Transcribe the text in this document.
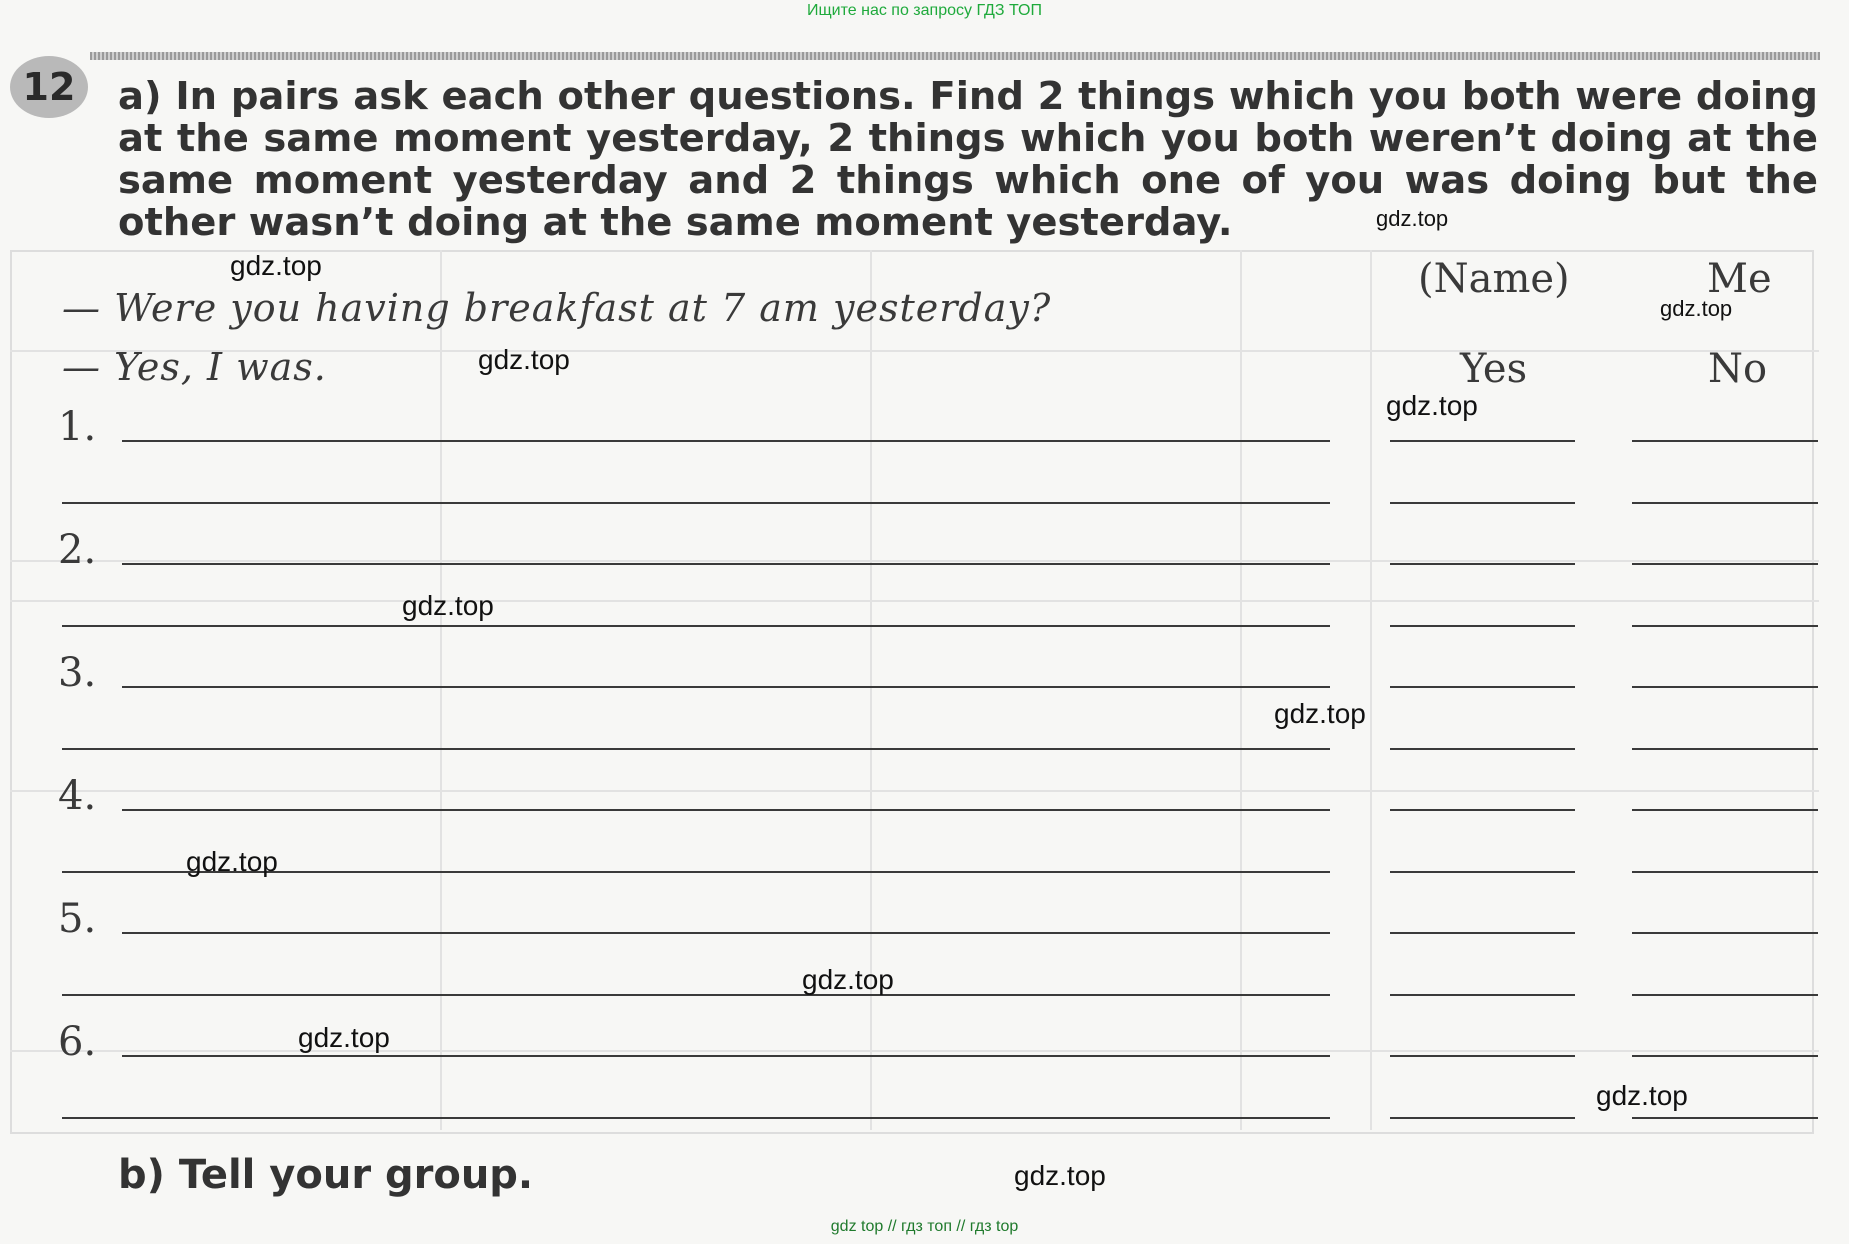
Ищите нас по запросу ГДЗ ТОП
12 a) In pairs ask each other questions. Find 2 things which you both were doing at the same moment yesterday, 2 things which you both weren’t doing at the same moment yesterday and 2 things which one of you was doing but the other wasn’t doing at the same moment yesterday.
— Were you having breakfast at 7 am yesterday?
— Yes, I was.
(Name)	Me
Yes	No
1.
2.
3.
4.
5.
6.
b) Tell your group.
gdz.top
gdz.top
gdz.top
gdz.top
gdz.top
gdz.top
gdz.top
gdz.top
gdz.top
gdz.top
gdz.top
gdz.top
gdz top // гдз топ // гдз top
